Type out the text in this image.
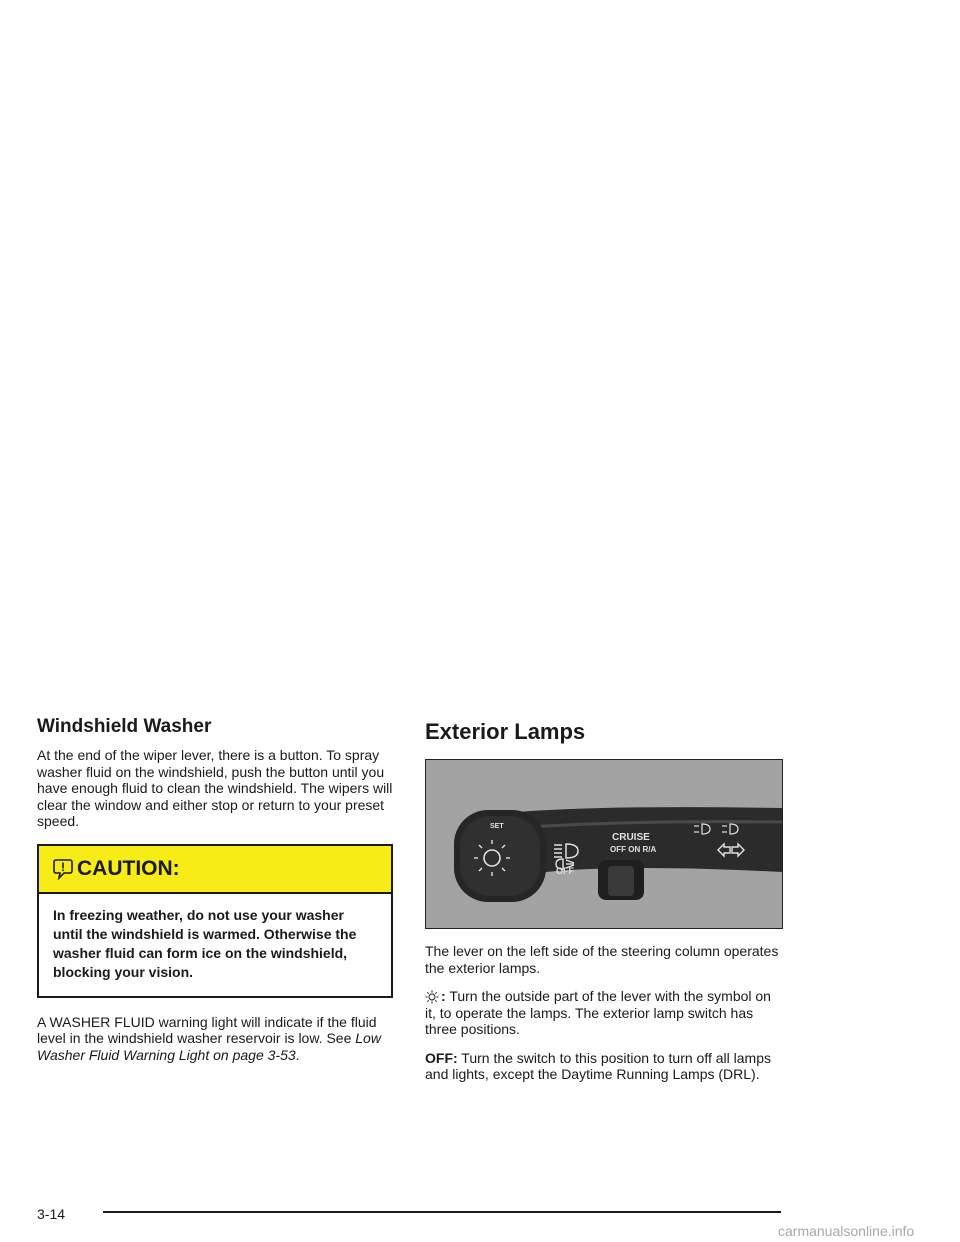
Windshield Washer

At the end of the wiper lever, there is a button. To spray washer fluid on the windshield, push the button until you have enough fluid to clean the windshield. The wipers will clear the window and either stop or return to your preset speed.

CAUTION:
In freezing weather, do not use your washer until the windshield is warmed. Otherwise the washer fluid can form ice on the windshield, blocking your vision.

A WASHER FLUID warning light will indicate if the fluid level in the windshield washer reservoir is low. See Low Washer Fluid Warning Light on page 3-53.

Exterior Lamps
SET
OFF
CRUISE
OFF ON R/A

The lever on the left side of the steering column operates the exterior lamps.

: Turn the outside part of the lever with the symbol on it, to operate the lamps. The exterior lamp switch has three positions.

OFF: Turn the switch to this position to turn off all lamps and lights, except the Daytime Running Lamps (DRL).

3-14
carmanualsonline.info
